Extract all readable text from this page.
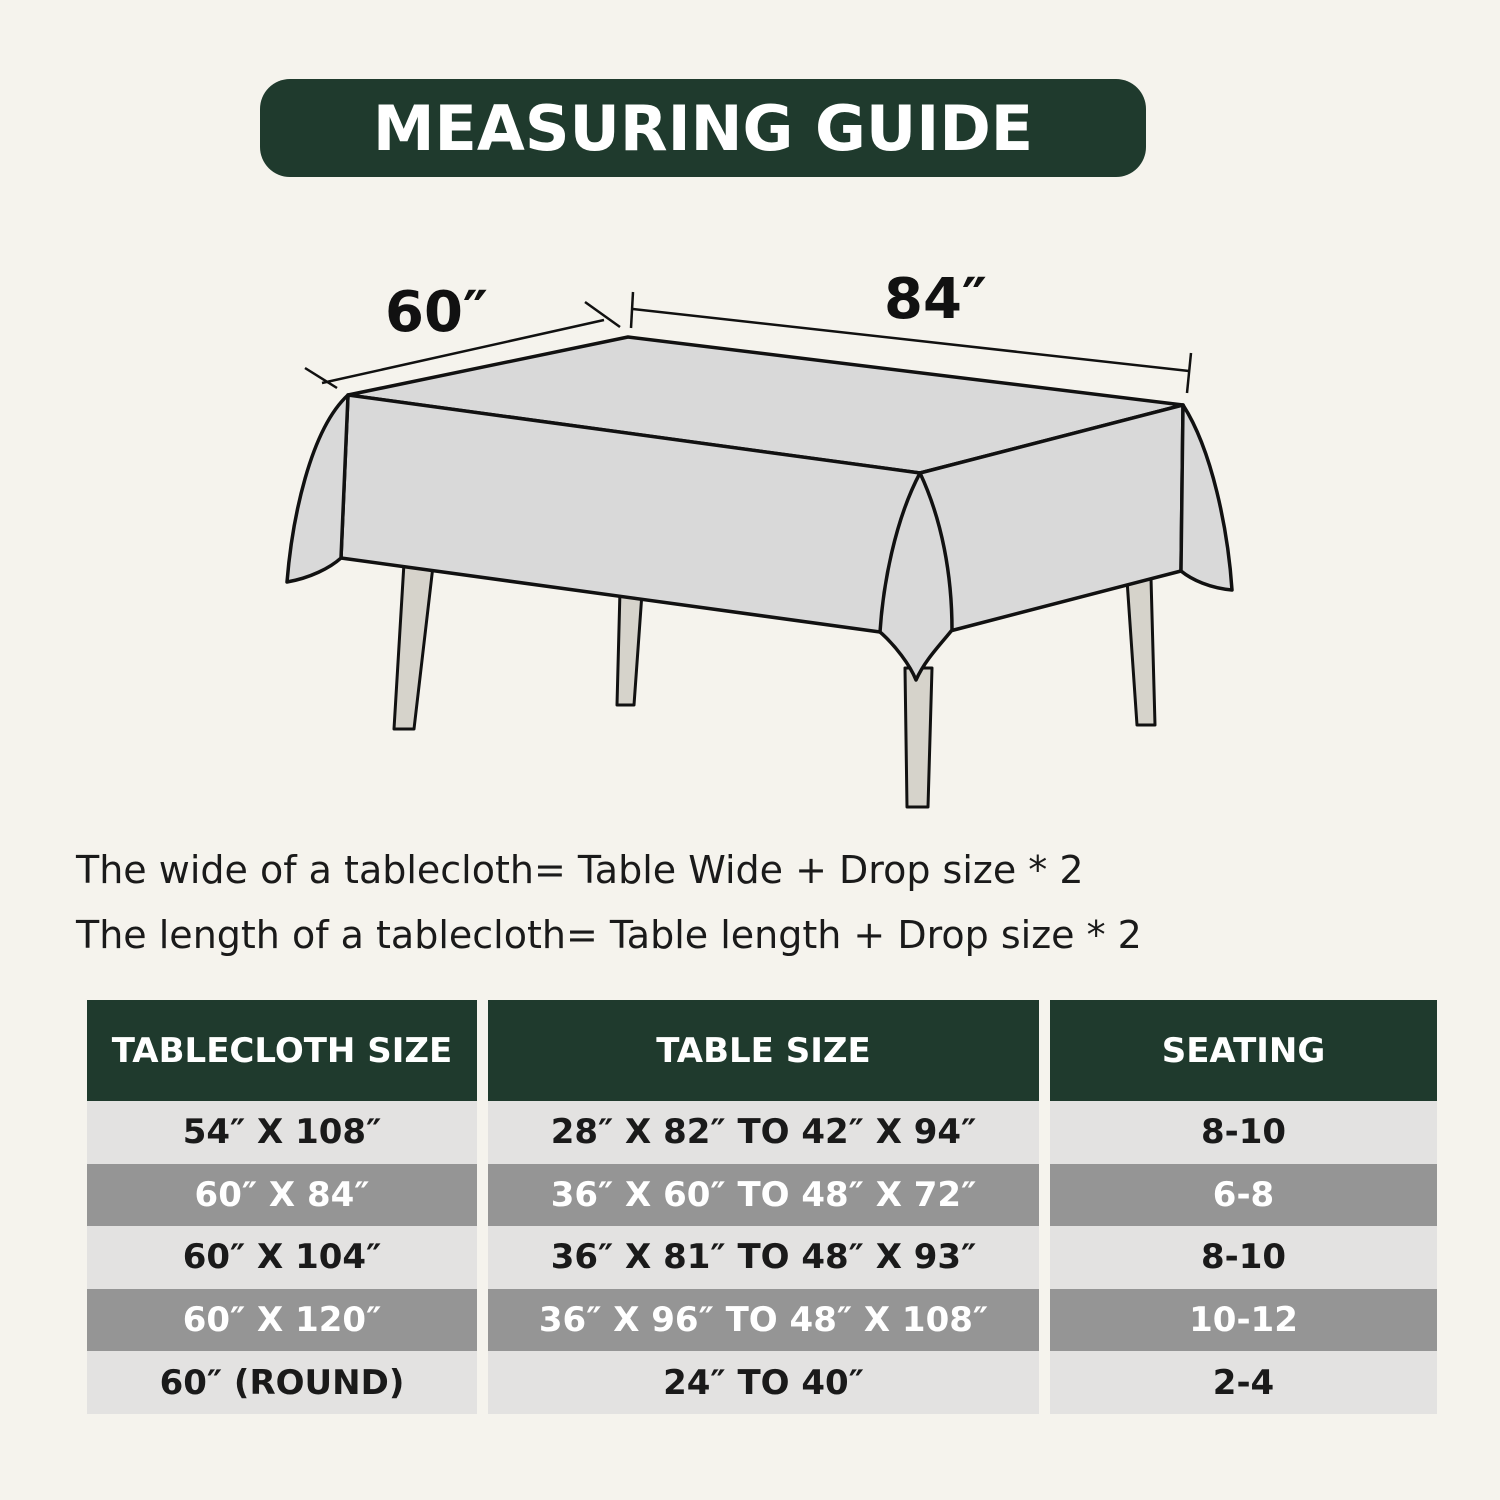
MEASURING GUIDE
60″	84″
The wide of a tablecloth= Table Wide + Drop size * 2
The length of a tablecloth= Table length + Drop size * 2
TABLECLOTH SIZE
54″ X 108″
60″ X 84″
60″ X 104″
60″ X 120″
60″ (ROUND)
TABLE SIZE
28″ X 82″ TO 42″ X 94″
36″ X 60″ TO 48″ X 72″
36″ X 81″ TO 48″ X 93″
36″ X 96″ TO 48″ X 108″
24″ TO 40″
SEATING
8-10
6-8
8-10
10-12
2-4
